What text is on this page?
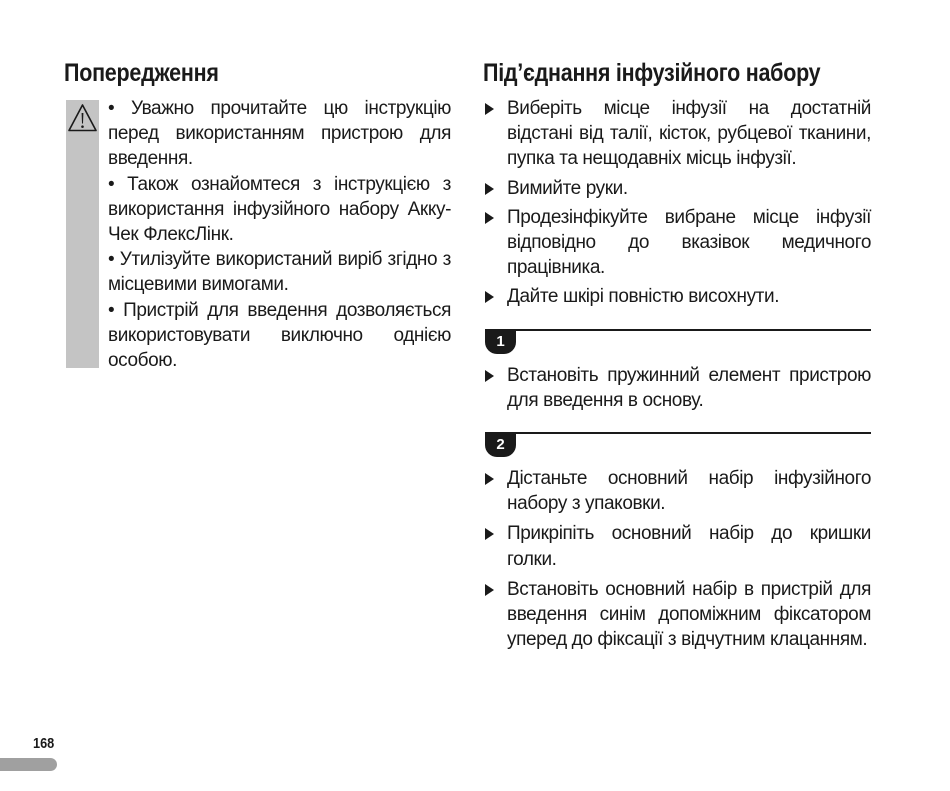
Попередження	Під’єднання інфузійного набору

• Уважно прочитайте цю інструкцію перед використанням пристрою для введення.

• Також ознайомтеся з інструкцією з використання інфузійного набору Акку-Чек ФлексЛінк.

• Утилізуйте використаний виріб згідно з місцевими вимогами.

• Пристрій для введення дозволяється використовувати виключно однією особою.

Виберіть місце інфузії на достатній відстані від талії, кісток, рубцевої тканини, пупка та нещодавніх місць інфузії.
Вимийте руки.
Продезінфікуйте вибране місце інфузії відповідно до вказівок медичного працівника.
Дайте шкірі повністю висохнути.
1
Встановіть пружинний елемент пристрою для введення в основу.
2
Дістаньте основний набір інфузійного набору з упаковки.
Прикріпіть основний набір до кришки голки.
Встановіть основний набір в пристрій для введення синім допоміжним фіксатором уперед до фіксації з відчутним клацанням.
168
